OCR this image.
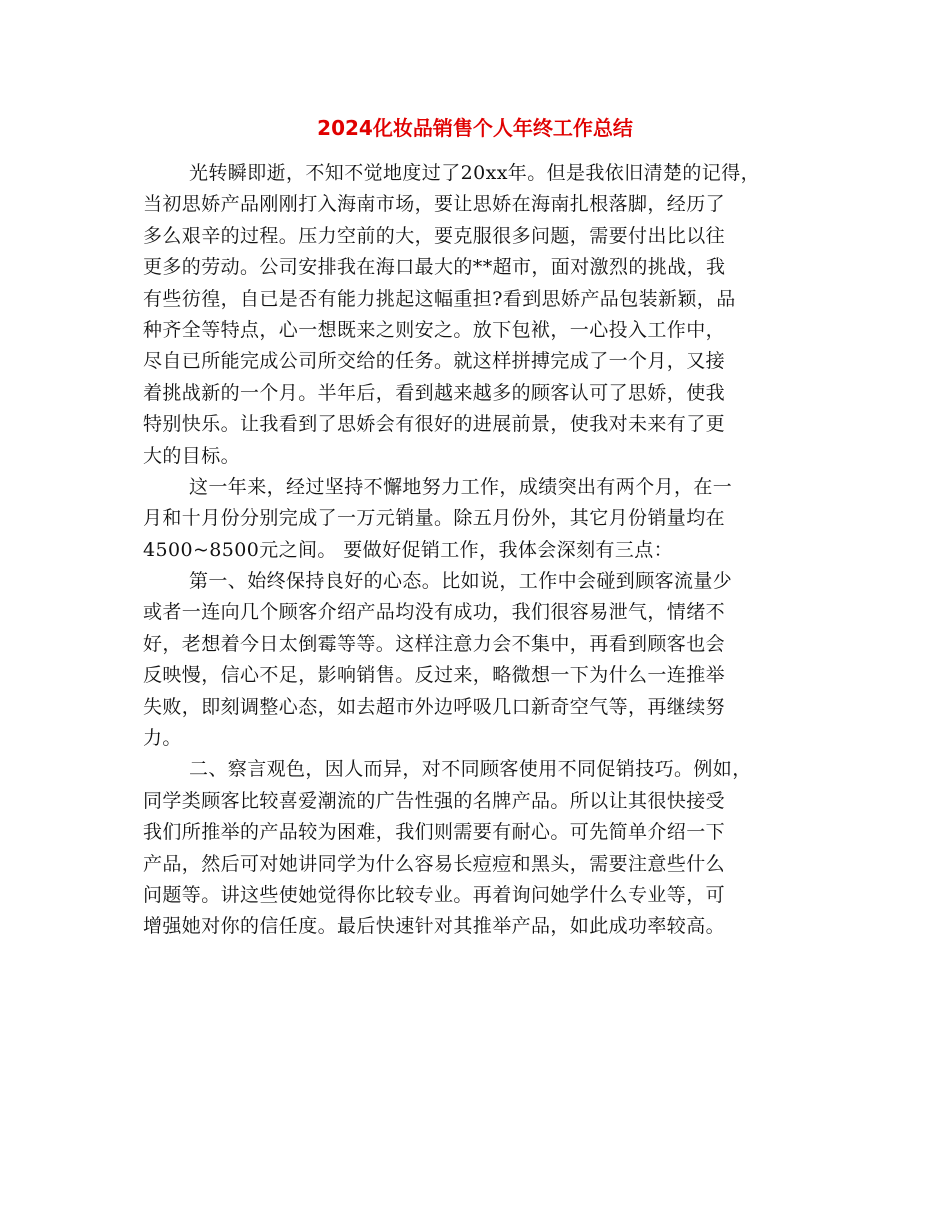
2024化妆品销售个人年终工作总结
光转瞬即逝，不知不觉地度过了20xx年。但是我依旧清楚的记得，
当初思娇产品刚刚打入海南市场，要让思娇在海南扎根落脚，经历了
多么艰辛的过程。压力空前的大，要克服很多问题，需要付出比以往
更多的劳动。公司安排我在海口最大的**超市，面对激烈的挑战，我
有些彷徨，自已是否有能力挑起这幅重担?看到思娇产品包装新颖，品
种齐全等特点，心一想既来之则安之。放下包袱，一心投入工作中，
尽自已所能完成公司所交给的任务。就这样拼搏完成了一个月，又接
着挑战新的一个月。半年后，看到越来越多的顾客认可了思娇，使我
特别快乐。让我看到了思娇会有很好的进展前景，使我对未来有了更
大的目标。
这一年来，经过坚持不懈地努力工作，成绩突出有两个月，在一
月和十月份分别完成了一万元销量。除五月份外，其它月份销量均在
4500~8500元之间。 要做好促销工作，我体会深刻有三点：
第一、始终保持良好的心态。比如说，工作中会碰到顾客流量少
或者一连向几个顾客介绍产品均没有成功，我们很容易泄气，情绪不
好，老想着今日太倒霉等等。这样注意力会不集中，再看到顾客也会
反映慢，信心不足，影响销售。反过来，略微想一下为什么一连推举
失败，即刻调整心态，如去超市外边呼吸几口新奇空气等，再继续努
力。
二、察言观色，因人而异，对不同顾客使用不同促销技巧。例如，
同学类顾客比较喜爱潮流的广告性强的名牌产品。所以让其很快接受
我们所推举的产品较为困难，我们则需要有耐心。可先简单介绍一下
产品，然后可对她讲同学为什么容易长痘痘和黑头，需要注意些什么
问题等。讲这些使她觉得你比较专业。再着询问她学什么专业等，可
增强她对你的信任度。最后快速针对其推举产品，如此成功率较高。
